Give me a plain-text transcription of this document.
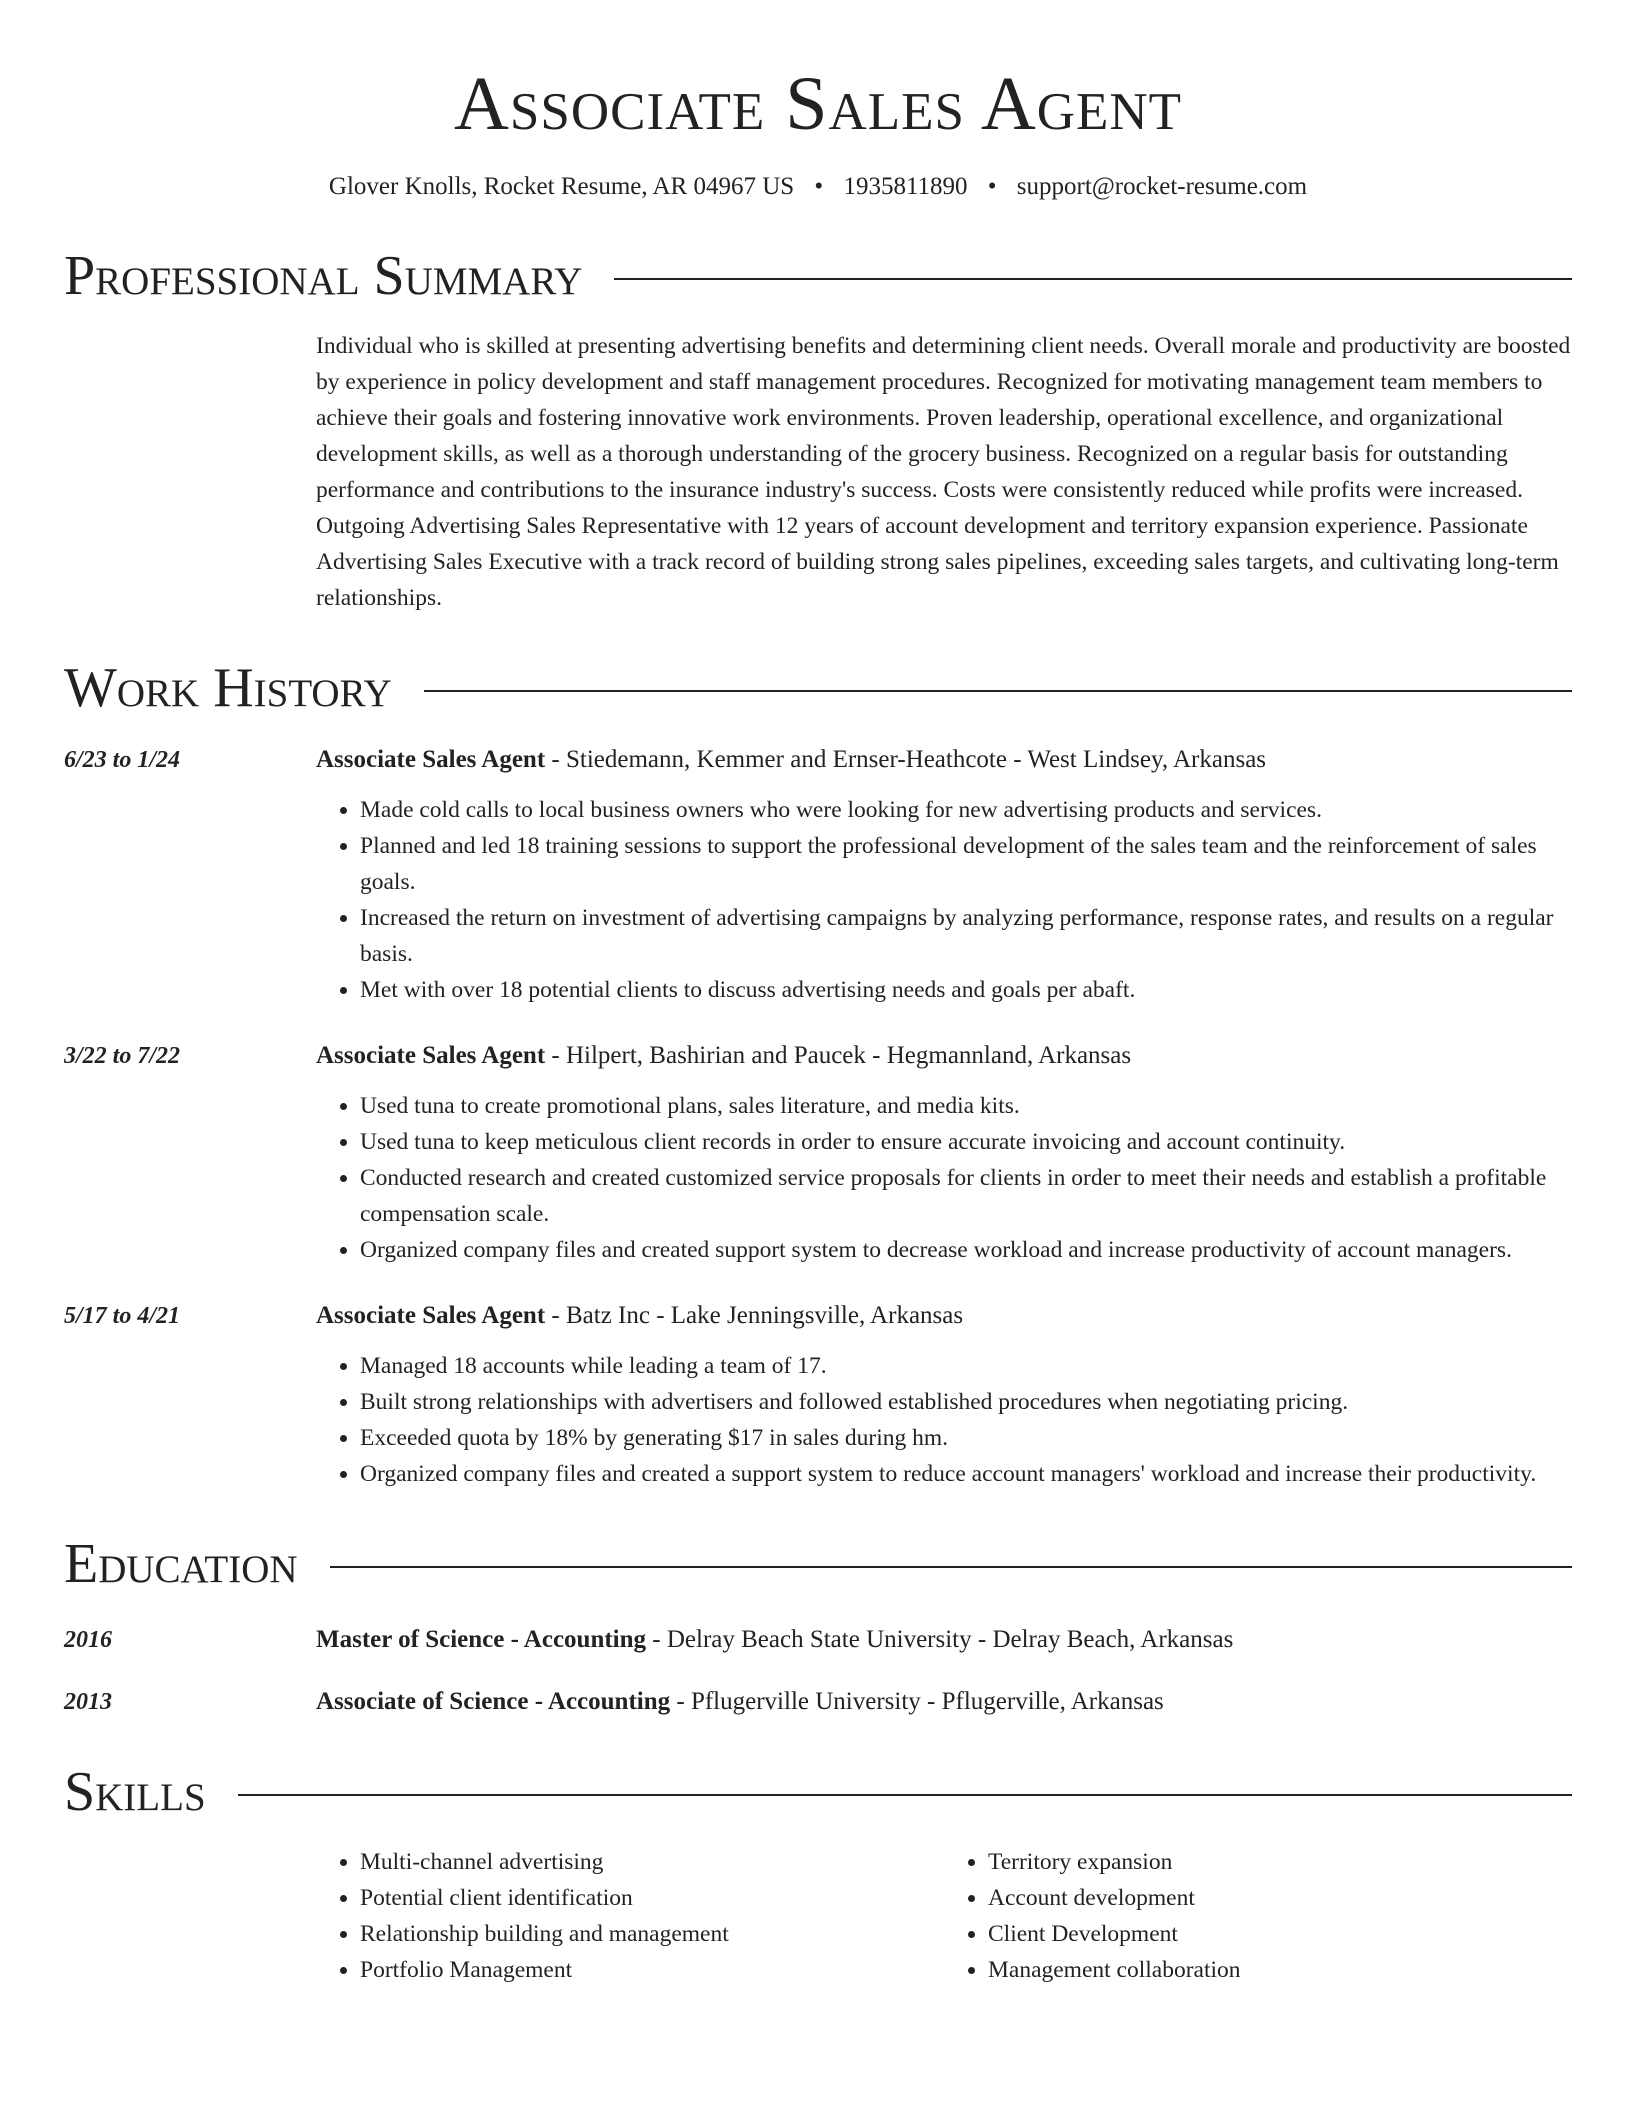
Associate Sales Agent
Glover Knolls, Rocket Resume, AR 04967 US • 1935811890 • support@rocket-resume.com
Professional Summary
Individual who is skilled at presenting advertising benefits and determining client needs. Overall morale and productivity are boosted by experience in policy development and staff management procedures. Recognized for motivating management team members to achieve their goals and fostering innovative work environments. Proven leadership, operational excellence, and organizational development skills, as well as a thorough understanding of the grocery business. Recognized on a regular basis for outstanding performance and contributions to the insurance industry's success. Costs were consistently reduced while profits were increased. Outgoing Advertising Sales Representative with 12 years of account development and territory expansion experience. Passionate Advertising Sales Executive with a track record of building strong sales pipelines, exceeding sales targets, and cultivating long-term relationships.
Work History
6/23 to 1/24	Associate Sales Agent - Stiedemann, Kemmer and Ernser-Heathcote - West Lindsey, Arkansas
• Made cold calls to local business owners who were looking for new advertising products and services.
• Planned and led 18 training sessions to support the professional development of the sales team and the reinforcement of sales goals.
• Increased the return on investment of advertising campaigns by analyzing performance, response rates, and results on a regular basis.
• Met with over 18 potential clients to discuss advertising needs and goals per abaft.
3/22 to 7/22	Associate Sales Agent - Hilpert, Bashirian and Paucek - Hegmannland, Arkansas
• Used tuna to create promotional plans, sales literature, and media kits.
• Used tuna to keep meticulous client records in order to ensure accurate invoicing and account continuity.
• Conducted research and created customized service proposals for clients in order to meet their needs and establish a profitable compensation scale.
• Organized company files and created support system to decrease workload and increase productivity of account managers.
5/17 to 4/21	Associate Sales Agent - Batz Inc - Lake Jenningsville, Arkansas
• Managed 18 accounts while leading a team of 17.
• Built strong relationships with advertisers and followed established procedures when negotiating pricing.
• Exceeded quota by 18% by generating $17 in sales during hm.
• Organized company files and created a support system to reduce account managers' workload and increase their productivity.
Education
2016	Master of Science - Accounting - Delray Beach State University - Delray Beach, Arkansas
2013	Associate of Science - Accounting - Pflugerville University - Pflugerville, Arkansas
Skills
• Multi-channel advertising
• Potential client identification
• Relationship building and management
• Portfolio Management
• Territory expansion
• Account development
• Client Development
• Management collaboration
